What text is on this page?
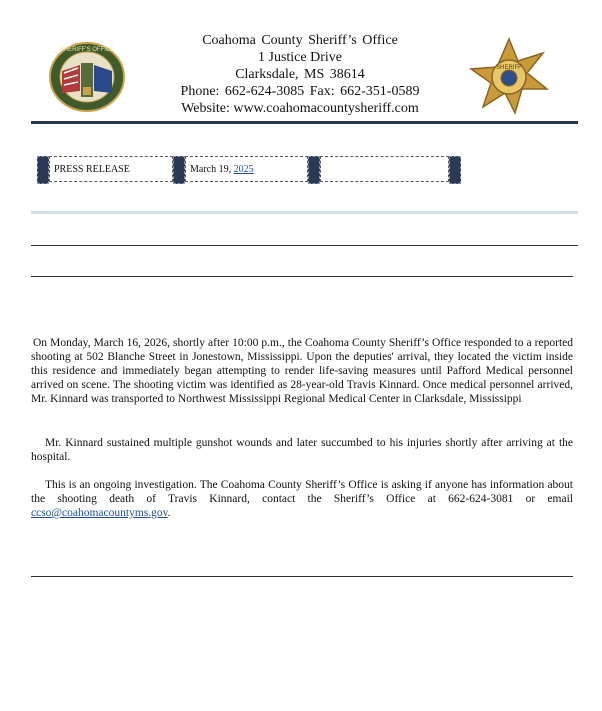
SHERIFF'S OFFICE
Coahoma County Sheriff’s Office
1 Justice Drive
Clarksdale, MS 38614
Phone: 662-624-3085 Fax: 662-351-0589
Website: www.coahomacountysheriff.com
SHERIFF
PRESS RELEASE	March 19, 2025

On Monday, March 16, 2026, shortly after 10:00 p.m., the Coahoma County Sheriff’s Office responded to a reported shooting at 502 Blanche Street in Jonestown, Mississippi. Upon the deputies' arrival, they located the victim inside this residence and immediately began attempting to render life-saving measures until Pafford Medical personnel arrived on scene. The shooting victim was identified as 28-year-old Travis Kinnard. Once medical personnel arrived, Mr. Kinnard was transported to Northwest Mississippi Regional Medical Center in Clarksdale, Mississippi

Mr. Kinnard sustained multiple gunshot wounds and later succumbed to his injuries shortly after arriving at the hospital.

This is an ongoing investigation. The Coahoma County Sheriff’s Office is asking if anyone has information about the shooting death of Travis Kinnard, contact the Sheriff’s Office at 662-624-3081 or email ccso@coahomacountyms.gov.
